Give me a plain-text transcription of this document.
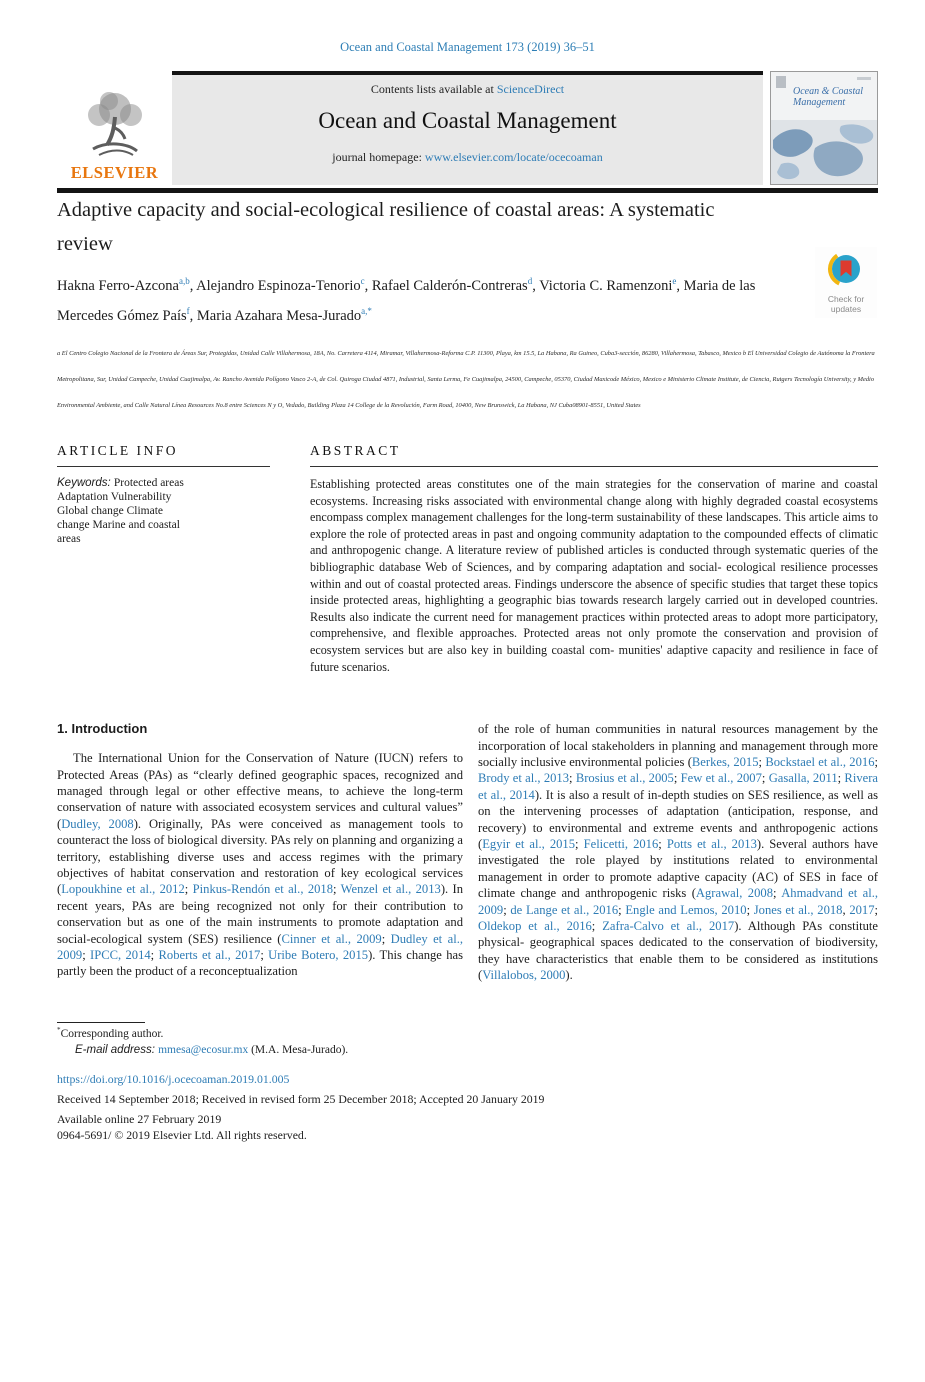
Ocean and Coastal Management 173 (2019) 36–51
ELSEVIER
Contents lists available at ScienceDirect
Ocean and Coastal Management
journal homepage: www.elsevier.com/locate/ocecoaman
Ocean & Coastal Management
Adaptive capacity and social-ecological resilience of coastal areas: A systematic review
Hakna Ferro-Azcona$^{a,b}$, Alejandro Espinoza-Tenorio$^c$, Rafael Calderón-Contreras$^d$, Victoria C. Ramenzoni$^e$, Maria de las Mercedes Gómez País$^f$, Maria Azahara Mesa-Jurado$^{a,*}$
Check for
updates
a El Centro Colegio Nacional de la Frontera de Áreas Sur, Protegidas, Unidad Calle Villahermosa, 18A, No. Carretera 4114, Miramar, Villahermosa-Reforma C.P. 11300, Playa, km 15.5, La Habana, Ra Guineo, Cuba3-sección, 86280, Villahermosa, Tabasco, Mexico b El Universidad Colegio de Autónoma la Frontera
Metropolitana, Sur, Unidad Campeche, Unidad Cuajimalpa, Av. Rancho Avenida Polígono Vasco 2-A, de Col. Quiroga Ciudad 4871, Industrial, Santa Lerma, Fe Cuajimalpa, 24500, Campeche, 05370, Ciudad Maxicode México, Mexico e Ministerio Climate Institute, de Ciencia, Rutgers Tecnología University, y Medio
Environmental Ambiente, and Calle Natural Línea Resources No.8 entre Sciences N y O, Vedado, Building Plaza 14 College de la Revolución, Farm Road, 10400, New Brunswick, La Habana, NJ Cuba08901-8551, United States
ARTICLE INFO
Keywords: Protected areas
Adaptation Vulnerability
Global change Climate
change Marine and coastal
areas
ABSTRACT
Establishing protected areas constitutes one of the main strategies for the conservation of marine and coastal ecosystems. Increasing risks associated with environmental change along with highly degraded coastal ecosystems encompass complex management challenges for the long-term sustainability of these landscapes. This article aims to explore the role of protected areas in past and ongoing community adaptation to the compounded effects of climatic and anthropogenic change. A literature review of published articles is conducted through systematic queries of the bibliographic database Web of Sciences, and by comparing adaptation and social- ecological resilience processes within and out of coastal protected areas. Findings underscore the absence of specific studies that target these topics inside protected areas, highlighting a geographic bias towards research largely carried out in developed countries. Results also indicate the current need for management practices within protected areas to adopt more participatory, comprehensive, and flexible approaches. Protected areas not only promote the conservation and provision of ecosystem services but are also key in building coastal com- munities' adaptive capacity and resilience in face of future scenarios.
1. Introduction

The International Union for the Conservation of Nature (IUCN) refers to Protected Areas (PAs) as “clearly defined geographic spaces, recognized and managed through legal or other effective means, to achieve the long-term conservation of nature with associated ecosystem services and cultural values” (Dudley, 2008). Originally, PAs were conceived as management tools to counteract the loss of biological diversity. PAs rely on planning and organizing a territory, establishing diverse uses and access regimes with the primary objectives of habitat conservation and restoration of key ecological services (Lopoukhine et al., 2012; Pinkus-Rendón et al., 2018; Wenzel et al., 2013). In recent years, PAs are being recognized not only for their contribution to conservation but as one of the main instruments to promote adaptation and social-ecological system (SES) resilience (Cinner et al., 2009; Dudley et al., 2009; IPCC, 2014; Roberts et al., 2017; Uribe Botero, 2015). This change has partly been the product of a reconceptualization

of the role of human communities in natural resources management by the incorporation of local stakeholders in planning and management through more socially inclusive environmental policies (Berkes, 2015; Bockstael et al., 2016; Brody et al., 2013; Brosius et al., 2005; Few et al., 2007; Gasalla, 2011; Rivera et al., 2014). It is also a result of in-depth studies on SES resilience, as well as on the intervening processes of adaptation (anticipation, response, and recovery) to environmental and extreme events and anthropogenic actions (Egyir et al., 2015; Felicetti, 2016; Potts et al., 2013). Several authors have investigated the role played by institutions related to environmental management in order to promote adaptive capacity (AC) of SES in face of climate change and anthropogenic risks (Agrawal, 2008; Ahmadvand et al., 2009; de Lange et al., 2016; Engle and Lemos, 2010; Jones et al., 2018, 2017; Oldekop et al., 2016; Zafra-Calvo et al., 2017). Although PAs constitute physical- geographical spaces dedicated to the conservation of biodiversity, they have characteristics that enable them to be considered as institutions (Villalobos, 2000).

*Corresponding author.
E-mail address: mmesa@ecosur.mx (M.A. Mesa-Jurado).
https://doi.org/10.1016/j.ocecoaman.2019.01.005
Received 14 September 2018; Received in revised form 25 December 2018; Accepted 20 January 2019
Available online 27 February 2019
0964-5691/ © 2019 Elsevier Ltd. All rights reserved.
